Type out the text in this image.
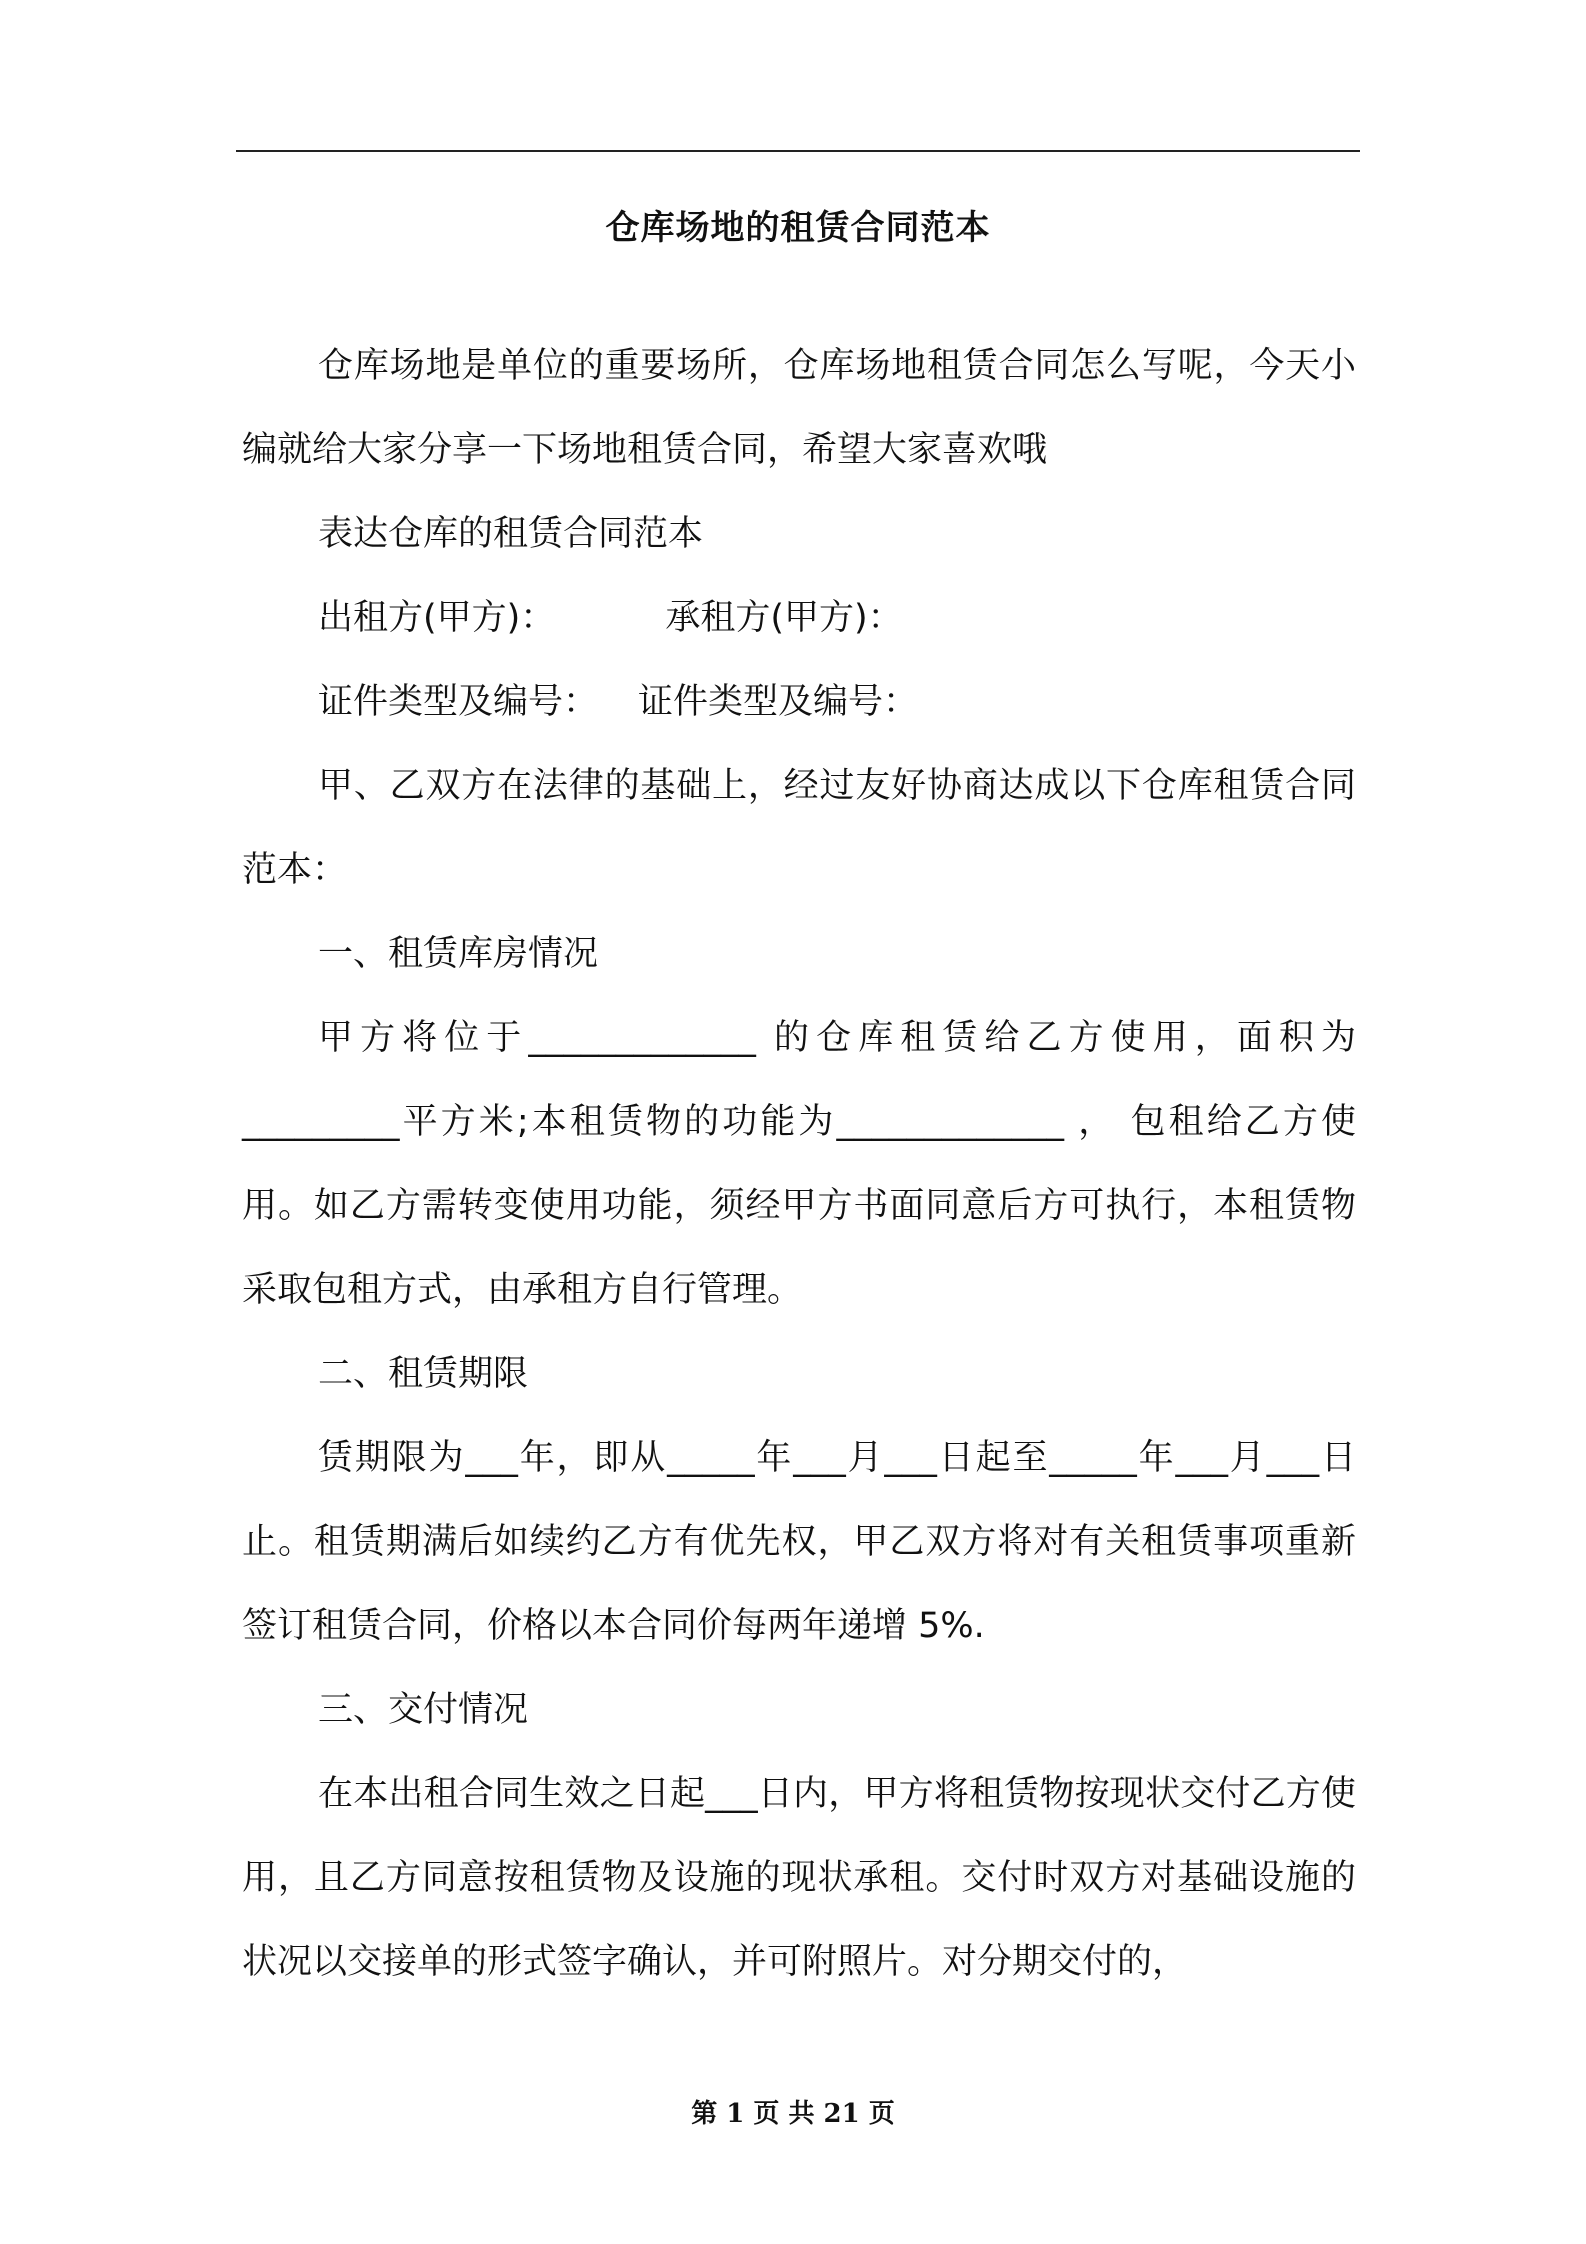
仓库场地的租赁合同范本

仓库场地是单位的重要场所，仓库场地租赁合同怎么写呢，今天小编就给大家分享一下场地租赁合同，希望大家喜欢哦

表达仓库的租赁合同范本

出租方(甲方)：	承租方(甲方)：

证件类型及编号： 证件类型及编号：

甲、乙双方在法律的基础上，经过友好协商达成以下仓库租赁合同范本：

一、租赁库房情况

甲方将位于_____________ 的仓库租赁给乙方使用，面积为_________平方米;本租赁物的功能为_____________ ， 包租给乙方使用。如乙方需转变使用功能，须经甲方书面同意后方可执行，本租赁物采取包租方式，由承租方自行管理。

二、租赁期限

赁期限为___年，即从_____年___月___日起至_____年___月___日止。租赁期满后如续约乙方有优先权，甲乙双方将对有关租赁事项重新签订租赁合同，价格以本合同价每两年递增 5%.

三、交付情况

在本出租合同生效之日起___日内，甲方将租赁物按现状交付乙方使用，且乙方同意按租赁物及设施的现状承租。交付时双方对基础设施的状况以交接单的形式签字确认，并可附照片。对分期交付的，

第 1 页 共 21 页
